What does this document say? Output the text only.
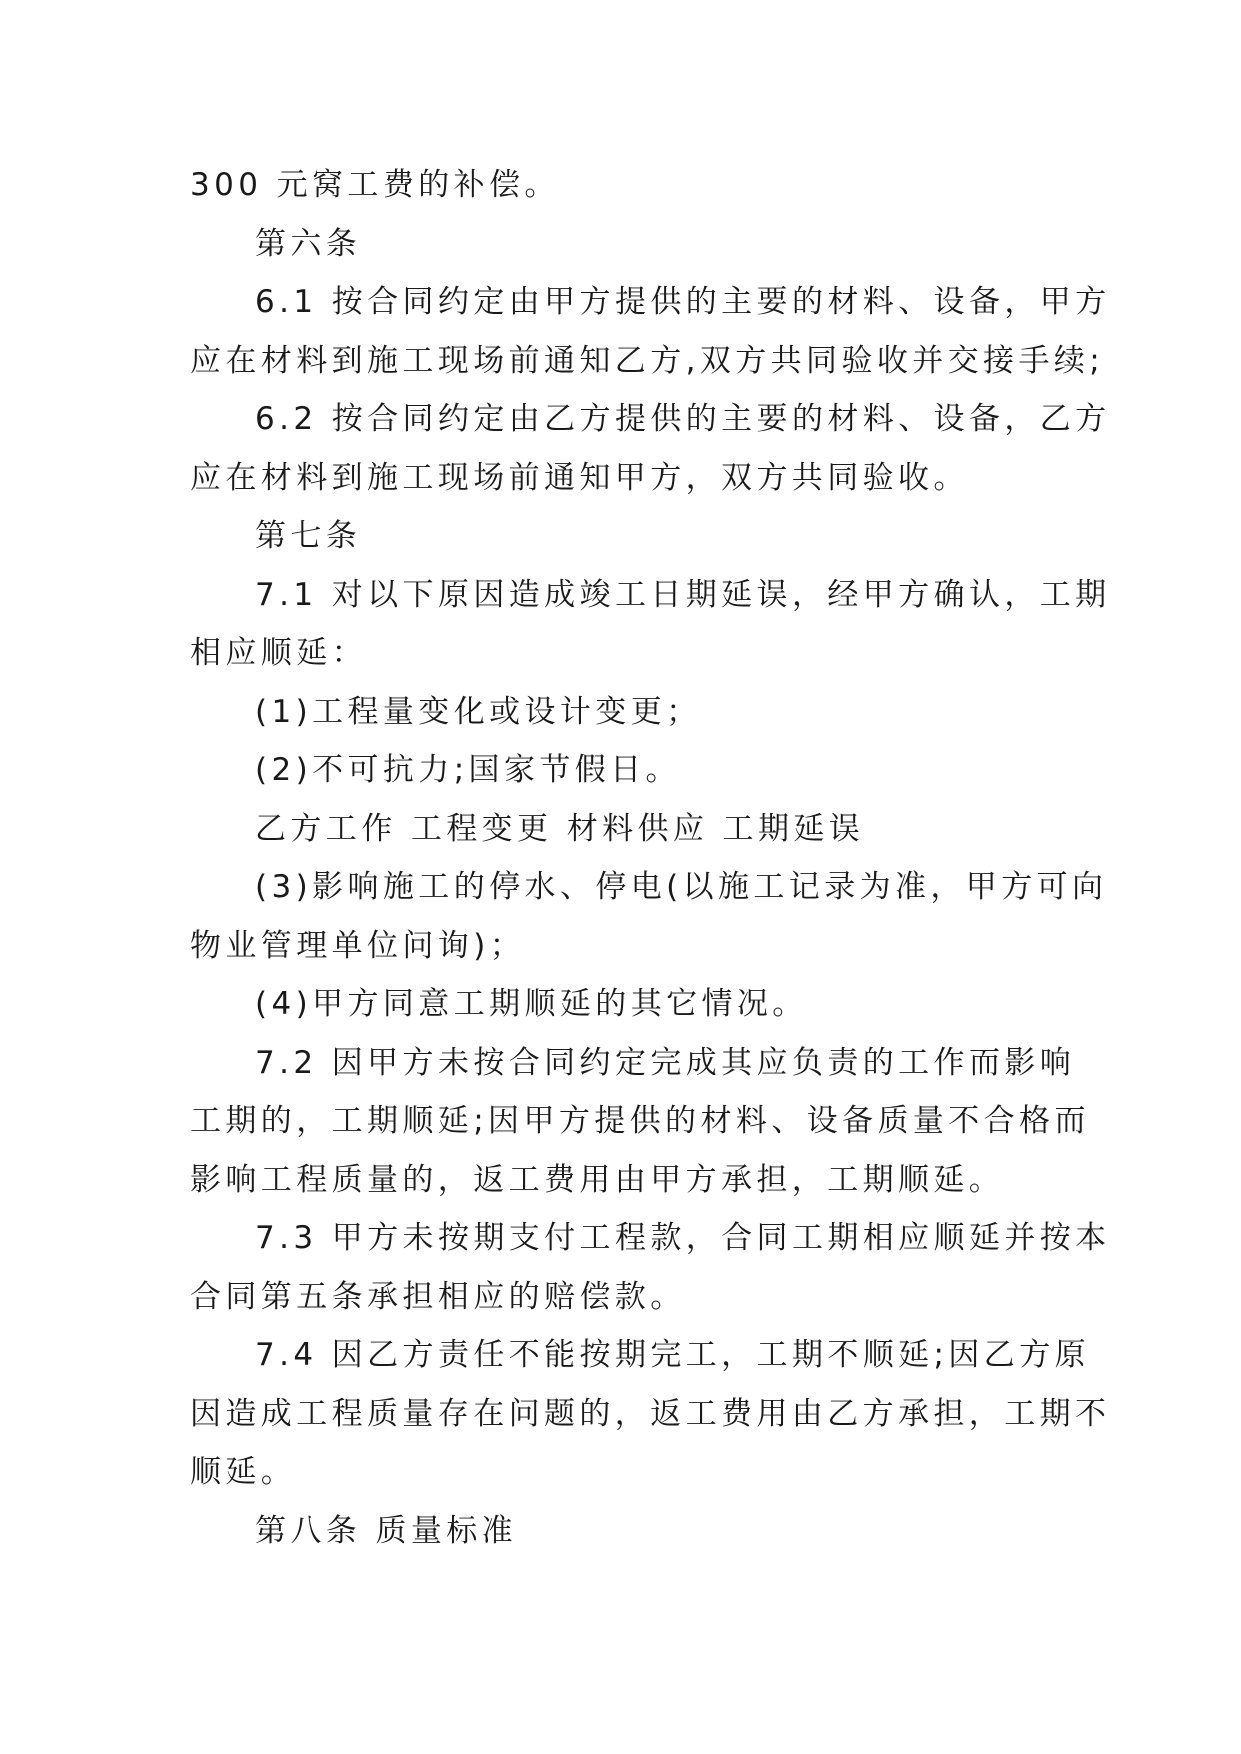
300 元窝工费的补偿。
第六条
6.1 按合同约定由甲方提供的主要的材料、设备，甲方
应在材料到施工现场前通知乙方,双方共同验收并交接手续;
6.2 按合同约定由乙方提供的主要的材料、设备，乙方
应在材料到施工现场前通知甲方，双方共同验收。
第七条
7.1 对以下原因造成竣工日期延误，经甲方确认，工期
相应顺延：
(1)工程量变化或设计变更；
(2)不可抗力;国家节假日。
乙方工作 工程变更 材料供应 工期延误
(3)影响施工的停水、停电(以施工记录为准，甲方可向
物业管理单位问询)；
(4)甲方同意工期顺延的其它情况。
7.2 因甲方未按合同约定完成其应负责的工作而影响
工期的，工期顺延;因甲方提供的材料、设备质量不合格而
影响工程质量的，返工费用由甲方承担，工期顺延。
7.3 甲方未按期支付工程款，合同工期相应顺延并按本
合同第五条承担相应的赔偿款。
7.4 因乙方责任不能按期完工，工期不顺延;因乙方原
因造成工程质量存在问题的，返工费用由乙方承担，工期不
顺延。
第八条 质量标准
